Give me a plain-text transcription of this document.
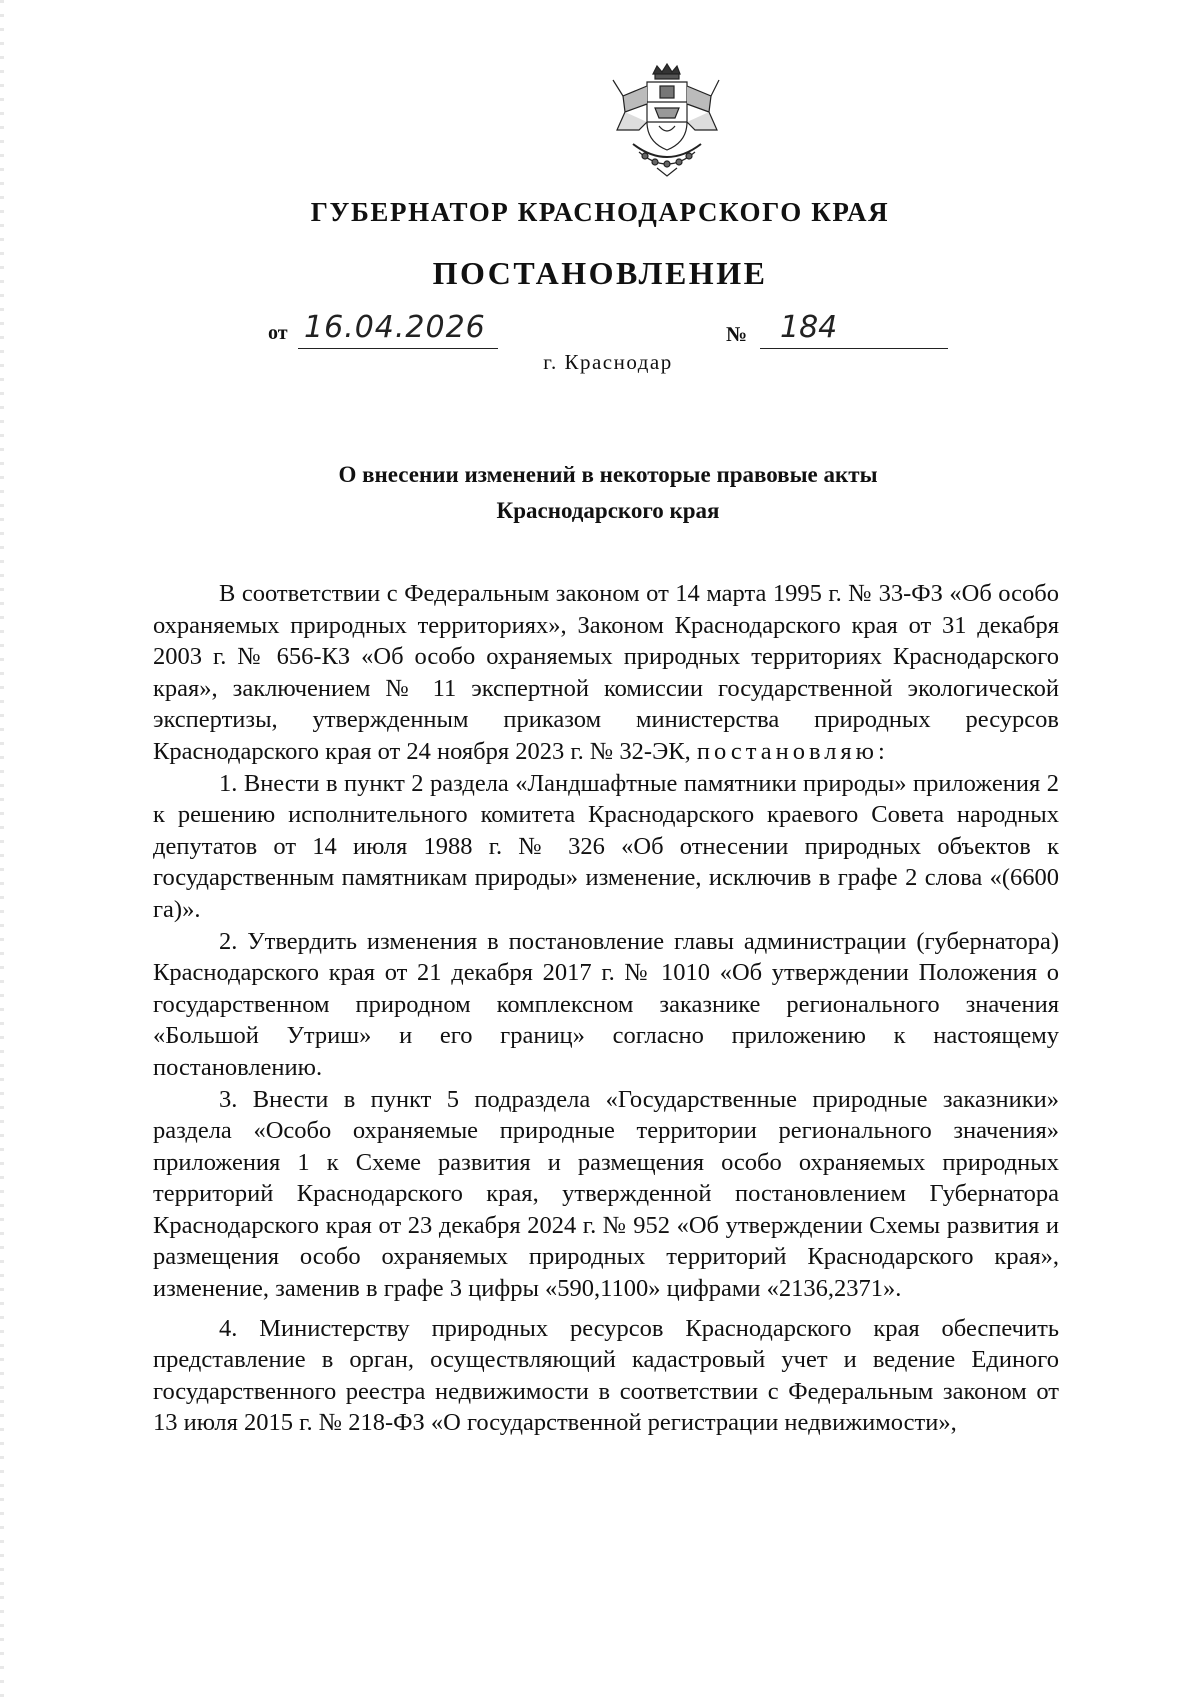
ГУБЕРНАТОР КРАСНОДАРСКОГО КРАЯ
ПОСТАНОВЛЕНИЕ
от 16.04.2026	№ 184
г. Краснодар
О внесении изменений в некоторые правовые акты
Краснодарского края

В соответствии с Федеральным законом от 14 марта 1995 г. № 33-ФЗ «Об особо охраняемых природных территориях», Законом Краснодарского края от 31 декабря 2003 г. № 656-КЗ «Об особо охраняемых природных территориях Краснодарского края», заключением № 11 экспертной комиссии государственной экологической экспертизы, утвержденным приказом министерства природных ресурсов Краснодарского края от 24 ноября 2023 г. № 32-ЭК, постановляю:

1. Внести в пункт 2 раздела «Ландшафтные памятники природы» приложения 2 к решению исполнительного комитета Краснодарского краевого Совета народных депутатов от 14 июля 1988 г. № 326 «Об отнесении природных объектов к государственным памятникам природы» изменение, исключив в графе 2 слова «(6600 га)».

2. Утвердить изменения в постановление главы администрации (губернатора) Краснодарского края от 21 декабря 2017 г. № 1010 «Об утверждении Положения о государственном природном комплексном заказнике регионального значения «Большой Утриш» и его границ» согласно приложению к настоящему постановлению.

3. Внести в пункт 5 подраздела «Государственные природные заказники» раздела «Особо охраняемые природные территории регионального значения» приложения 1 к Схеме развития и размещения особо охраняемых природных территорий Краснодарского края, утвержденной постановлением Губернатора Краснодарского края от 23 декабря 2024 г. № 952 «Об утверждении Схемы развития и размещения особо охраняемых природных территорий Краснодарского края», изменение, заменив в графе 3 цифры «590,1100» цифрами «2136,2371».

4. Министерству природных ресурсов Краснодарского края обеспечить представление в орган, осуществляющий кадастровый учет и ведение Единого государственного реестра недвижимости в соответствии с Федеральным законом от 13 июля 2015 г. № 218-ФЗ «О государственной регистрации недвижимости»,
